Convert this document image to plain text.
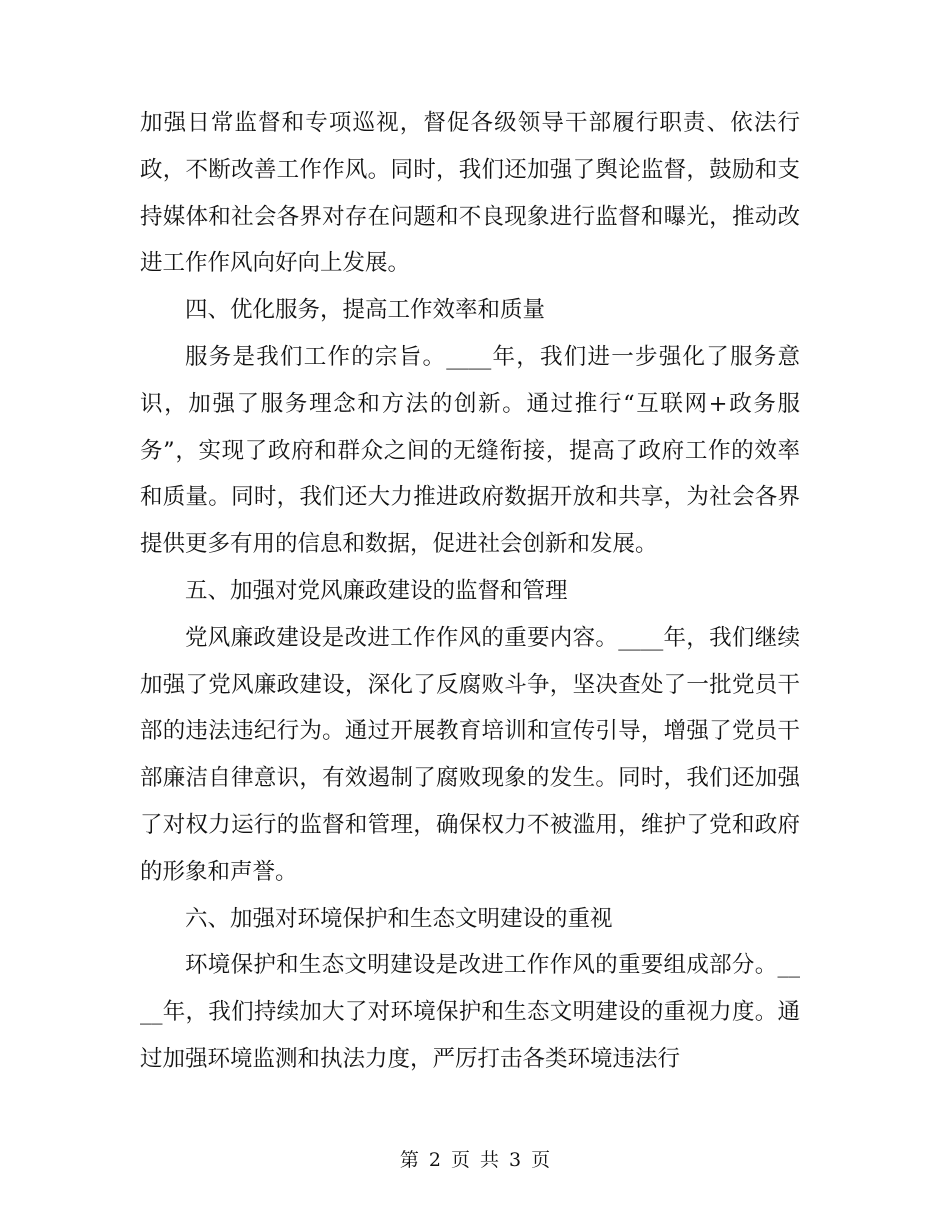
加强日常监督和专项巡视，督促各级领导干部履行职责、依法行政，不断改善工作作风。同时，我们还加强了舆论监督，鼓励和支持媒体和社会各界对存在问题和不良现象进行监督和曝光，推动改进工作作风向好向上发展。

四、优化服务，提高工作效率和质量

服务是我们工作的宗旨。____年，我们进一步强化了服务意识，加强了服务理念和方法的创新。通过推行“互联网+政务服务”，实现了政府和群众之间的无缝衔接，提高了政府工作的效率和质量。同时，我们还大力推进政府数据开放和共享，为社会各界提供更多有用的信息和数据，促进社会创新和发展。

五、加强对党风廉政建设的监督和管理

党风廉政建设是改进工作作风的重要内容。____年，我们继续加强了党风廉政建设，深化了反腐败斗争，坚决查处了一批党员干部的违法违纪行为。通过开展教育培训和宣传引导，增强了党员干部廉洁自律意识，有效遏制了腐败现象的发生。同时，我们还加强了对权力运行的监督和管理，确保权力不被滥用，维护了党和政府的形象和声誉。

六、加强对环境保护和生态文明建设的重视

环境保护和生态文明建设是改进工作作风的重要组成部分。____年，我们持续加大了对环境保护和生态文明建设的重视力度。通过加强环境监测和执法力度，严厉打击各类环境违法行

第 2 页 共 3 页
